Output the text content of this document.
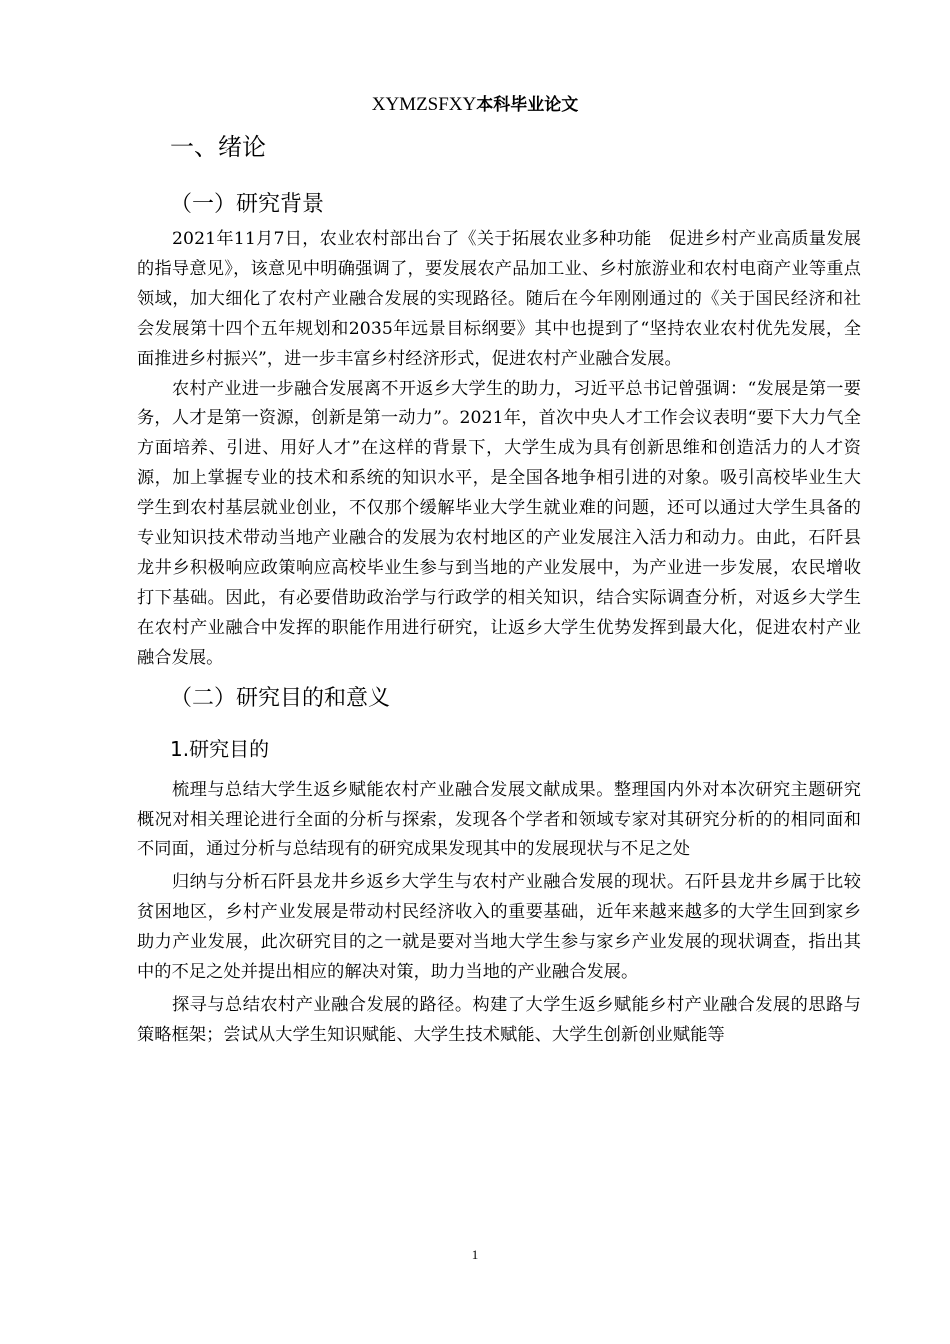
XYMZSFXY本科毕业论文
一、绪论
（一）研究背景

2021年11月7日，农业农村部出台了《关于拓展农业多种功能　促进乡村产业高质量发展的指导意见》，该意见中明确强调了，要发展农产品加工业、乡村旅游业和农村电商产业等重点领域，加大细化了农村产业融合发展的实现路径。随后在今年刚刚通过的《关于国民经济和社会发展第十四个五年规划和2035年远景目标纲要》其中也提到了“坚持农业农村优先发展，全面推进乡村振兴”，进一步丰富乡村经济形式，促进农村产业融合发展。

农村产业进一步融合发展离不开返乡大学生的助力，习近平总书记曾强调：“发展是第一要务，人才是第一资源，创新是第一动力”。2021年，首次中央人才工作会议表明“要下大力气全方面培养、引进、用好人才”在这样的背景下，大学生成为具有创新思维和创造活力的人才资源，加上掌握专业的技术和系统的知识水平，是全国各地争相引进的对象。吸引高校毕业生大学生到农村基层就业创业，不仅那个缓解毕业大学生就业难的问题，还可以通过大学生具备的专业知识技术带动当地产业融合的发展为农村地区的产业发展注入活力和动力。由此，石阡县龙井乡积极响应政策响应高校毕业生参与到当地的产业发展中，为产业进一步发展，农民增收打下基础。因此，有必要借助政治学与行政学的相关知识，结合实际调查分析，对返乡大学生在农村产业融合中发挥的职能作用进行研究，让返乡大学生优势发挥到最大化，促进农村产业融合发展。

（二）研究目的和意义
1.研究目的

梳理与总结大学生返乡赋能农村产业融合发展文献成果。整理国内外对本次研究主题研究概况对相关理论进行全面的分析与探索，发现各个学者和领域专家对其研究分析的的相同面和不同面，通过分析与总结现有的研究成果发现其中的发展现状与不足之处

归纳与分析石阡县龙井乡返乡大学生与农村产业融合发展的现状。石阡县龙井乡属于比较贫困地区，乡村产业发展是带动村民经济收入的重要基础，近年来越来越多的大学生回到家乡助力产业发展，此次研究目的之一就是要对当地大学生参与家乡产业发展的现状调查，指出其中的不足之处并提出相应的解决对策，助力当地的产业融合发展。

探寻与总结农村产业融合发展的路径。构建了大学生返乡赋能乡村产业融合发展的思路与策略框架；尝试从大学生知识赋能、大学生技术赋能、大学生创新创业赋能等

1
